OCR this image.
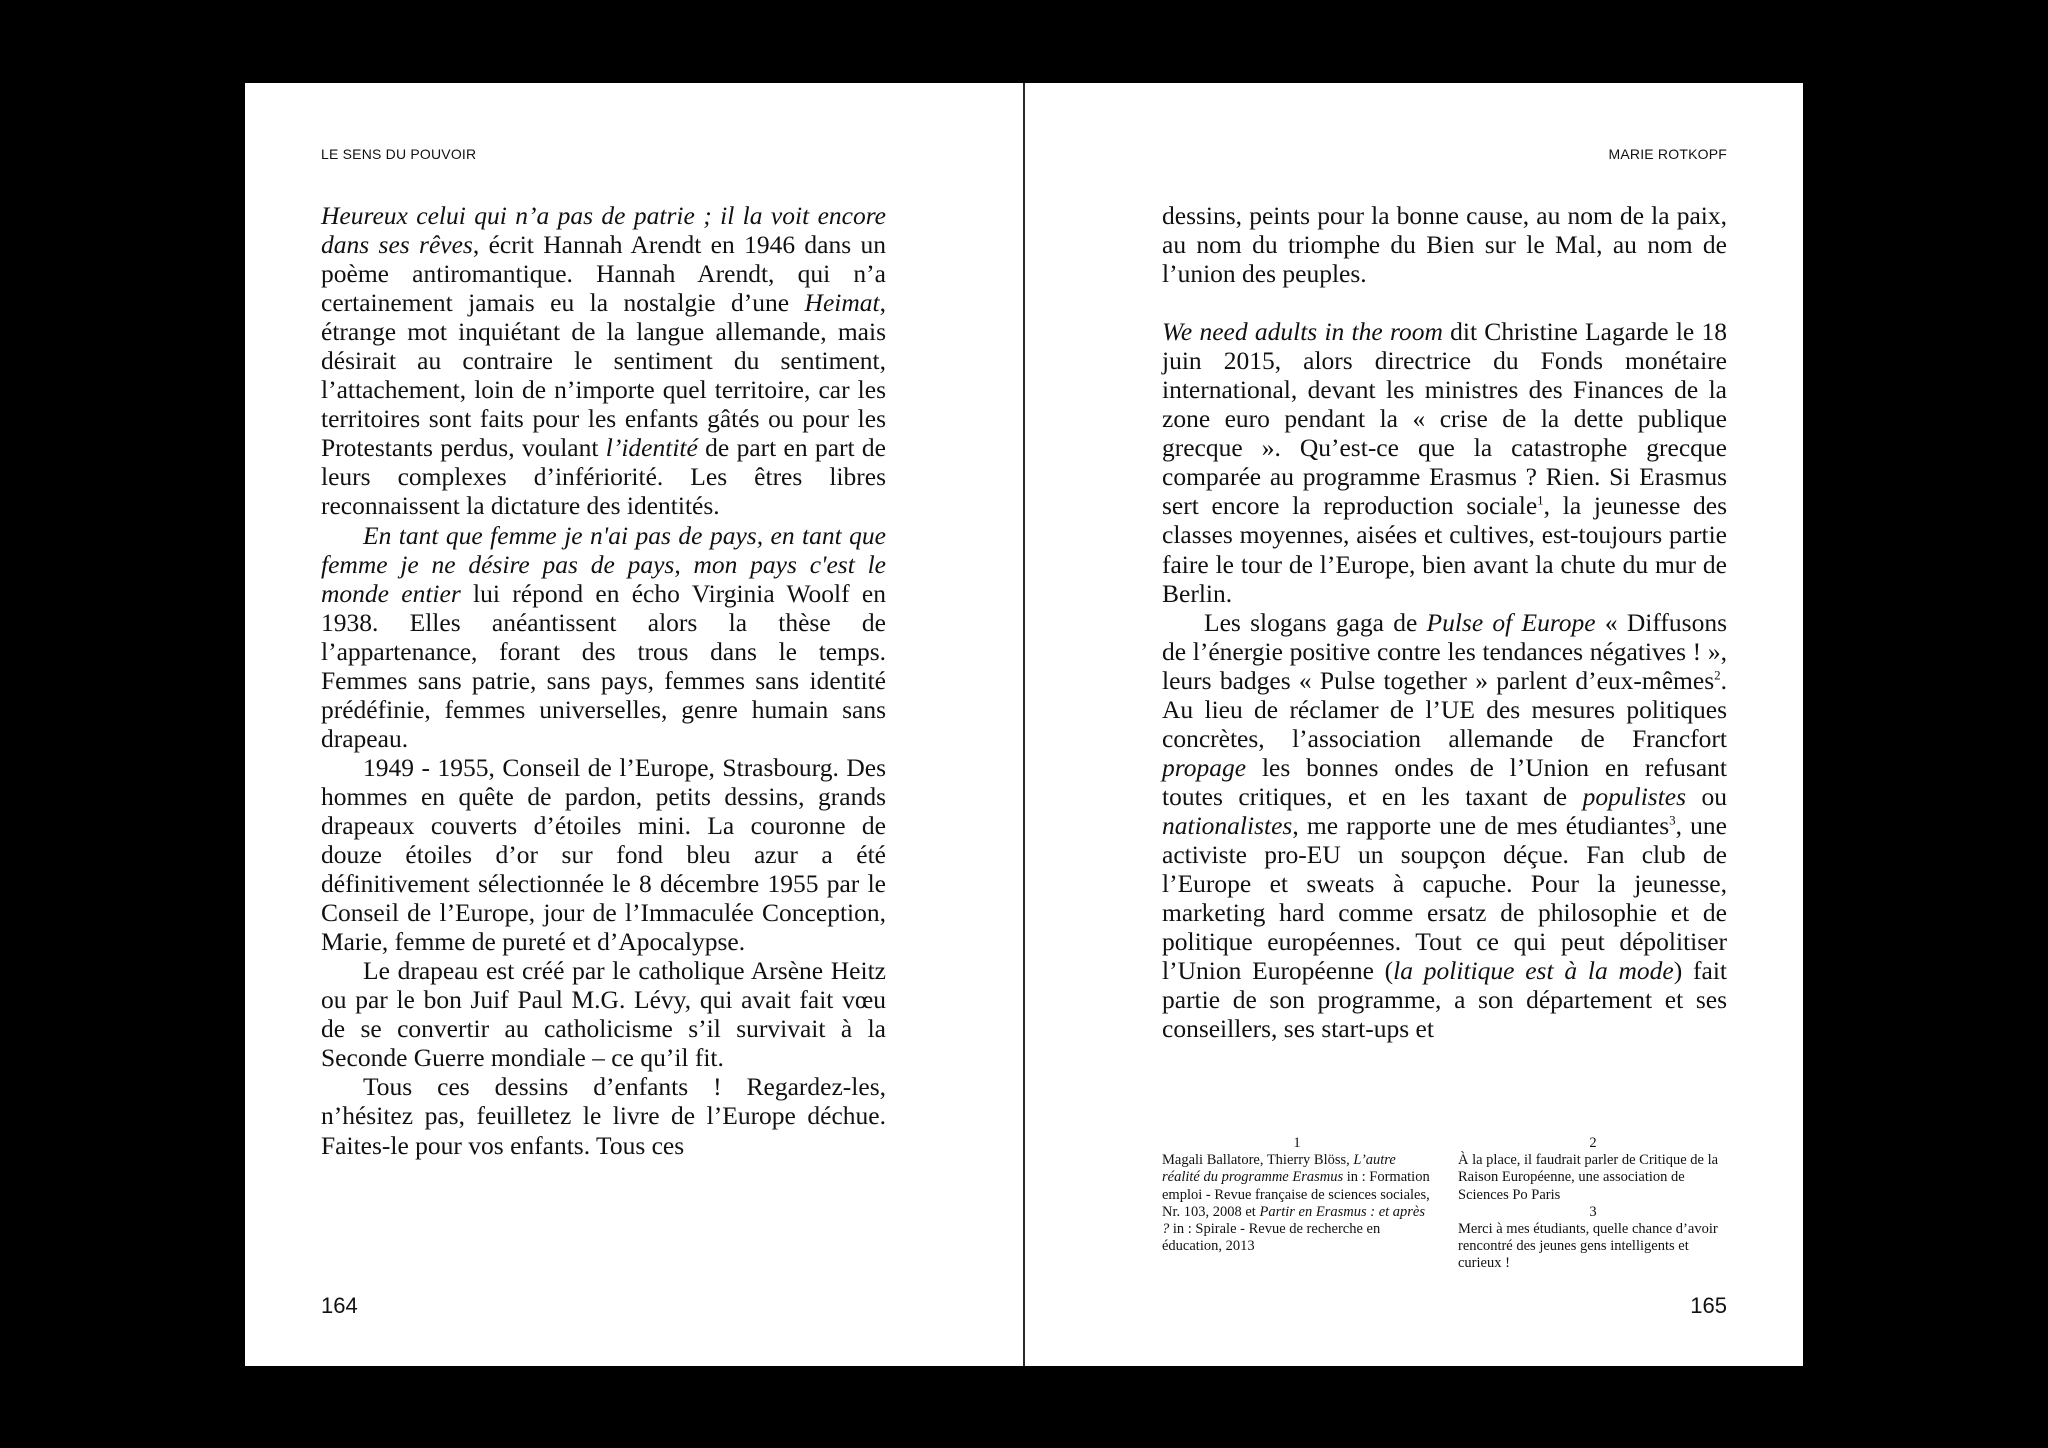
LE SENS DU POUVOIR

Heureux celui qui n’a pas de patrie ; il la voit encore dans ses rêves, écrit Hannah Arendt en 1946 dans un poème antiromantique. Hannah Arendt, qui n’a certainement jamais eu la nostalgie d’une Heimat, étrange mot inquiétant de la langue allemande, mais désirait au contraire le sentiment du sentiment, l’attachement, loin de n’importe quel territoire, car les territoires sont faits pour les enfants gâtés ou pour les Protestants perdus, voulant l’identité de part en part de leurs complexes d’infériorité. Les êtres libres reconnaissent la dictature des identités.

En tant que femme je n'ai pas de pays, en tant que femme je ne désire pas de pays, mon pays c'est le monde entier lui répond en écho Virginia Woolf en 1938. Elles anéantissent alors la thèse de l’appartenance, forant des trous dans le temps. Femmes sans patrie, sans pays, femmes sans identité prédéfinie, femmes universelles, genre humain sans drapeau.

1949 - 1955, Conseil de l’Europe, Strasbourg. Des hommes en quête de pardon, petits dessins, grands drapeaux couverts d’étoiles mini. La couronne de douze étoiles d’or sur fond bleu azur a été définitivement sélectionnée le 8 décembre 1955 par le Conseil de l’Europe, jour de l’Immaculée Conception, Marie, femme de pureté et d’Apocalypse.

Le drapeau est créé par le catholique Arsène Heitz ou par le bon Juif Paul M.G. Lévy, qui avait fait vœu de se convertir au catholicisme s’il survivait à la Seconde Guerre mondiale – ce qu’il fit.

Tous ces dessins d’enfants ! Regardez-les, n’hésitez pas, feuilletez le livre de l’Europe déchue. Faites-le pour vos enfants. Tous ces

164
MARIE ROTKOPF

dessins, peints pour la bonne cause, au nom de la paix, au nom du triomphe du Bien sur le Mal, au nom de l’union des peuples.

We need adults in the room dit Christine Lagarde le 18 juin 2015, alors directrice du Fonds monétaire international, devant les ministres des Finances de la zone euro pendant la « crise de la dette publique grecque ». Qu’est-ce que la catastrophe grecque comparée au programme Erasmus ? Rien. Si Erasmus sert encore la reproduction sociale$^1$, la jeunesse des classes moyennes, aisées et cultives, est-toujours partie faire le tour de l’Europe, bien avant la chute du mur de Berlin.

Les slogans gaga de Pulse of Europe « Diffusons de l’énergie positive contre les tendances négatives ! », leurs badges « Pulse together » parlent d’eux-mêmes$^2$. Au lieu de réclamer de l’UE des mesures politiques concrètes, l’association allemande de Francfort propage les bonnes ondes de l’Union en refusant toutes critiques, et en les taxant de populistes ou nationalistes, me rapporte une de mes étudiantes$^3$, une activiste pro-EU un soupçon déçue. Fan club de l’Europe et sweats à capuche. Pour la jeunesse, marketing hard comme ersatz de philosophie et de politique européennes. Tout ce qui peut dépolitiser l’Union Européenne (la politique est à la mode) fait partie de son programme, a son département et ses conseillers, ses start-ups et

1
Magali Ballatore, Thierry Blöss, L’autre réalité du programme Erasmus in : Formation emploi - Revue française de sciences sociales, Nr. 103, 2008 et Partir en Erasmus : et après ? in : Spirale - Revue de recherche en éducation, 2013
2
À la place, il faudrait parler de Critique de la Raison Européenne, une association de Sciences Po Paris
3
Merci à mes étudiants, quelle chance d’avoir rencontré des jeunes gens intelligents et curieux !
165
